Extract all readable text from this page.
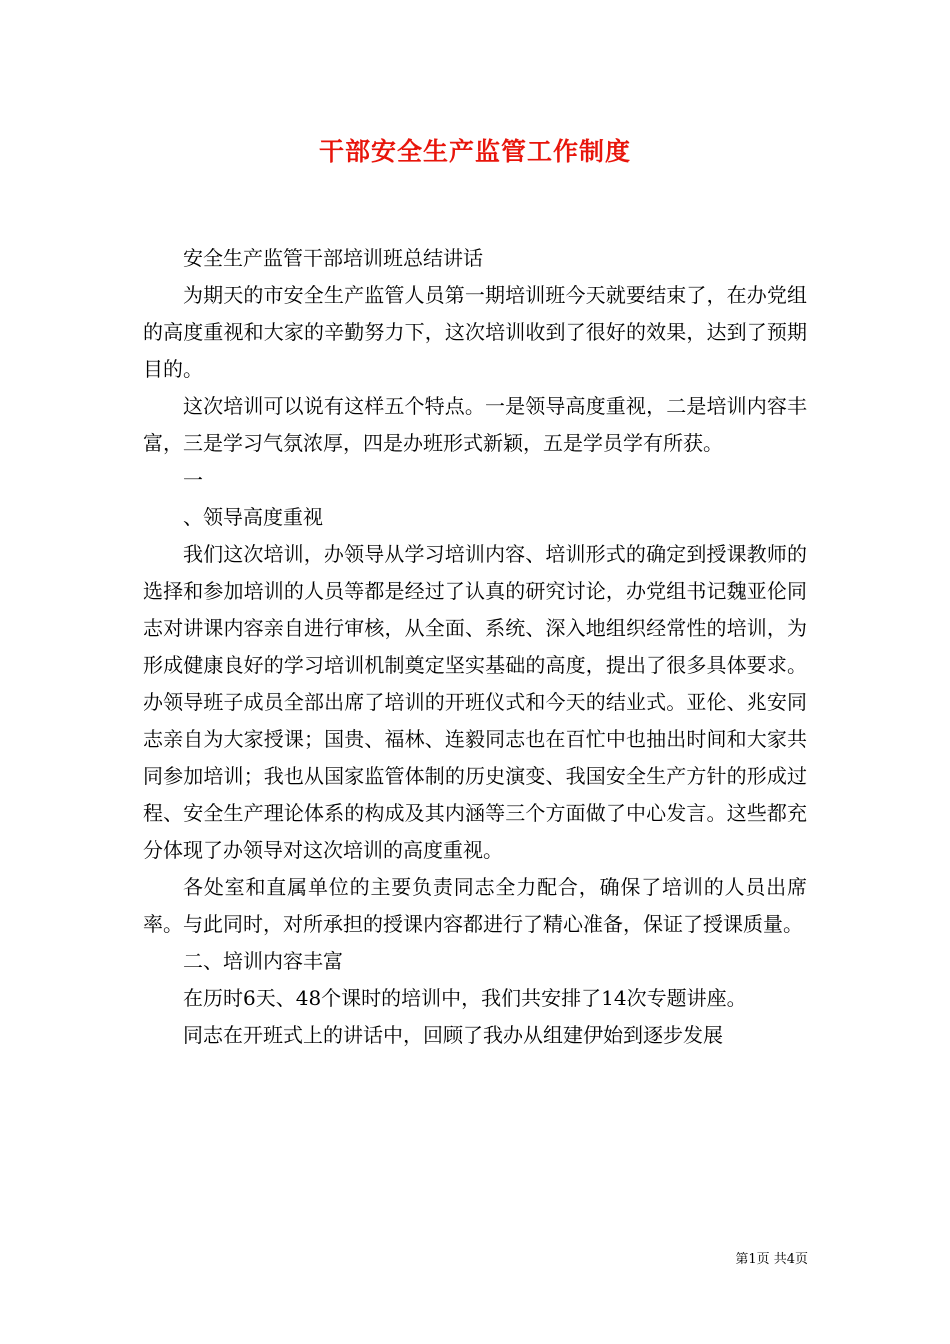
干部安全生产监管工作制度

安全生产监管干部培训班总结讲话

为期天的市安全生产监管人员第一期培训班今天就要结束了，在办党组的高度重视和大家的辛勤努力下，这次培训收到了很好的效果，达到了预期目的。

这次培训可以说有这样五个特点。一是领导高度重视，二是培训内容丰富，三是学习气氛浓厚，四是办班形式新颖，五是学员学有所获。

一

、领导高度重视

我们这次培训，办领导从学习培训内容、培训形式的确定到授课教师的选择和参加培训的人员等都是经过了认真的研究讨论，办党组书记魏亚伦同志对讲课内容亲自进行审核，从全面、系统、深入地组织经常性的培训，为形成健康良好的学习培训机制奠定坚实基础的高度，提出了很多具体要求。办领导班子成员全部出席了培训的开班仪式和今天的结业式。亚伦、兆安同志亲自为大家授课；国贵、福林、连毅同志也在百忙中也抽出时间和大家共同参加培训；我也从国家监管体制的历史演变、我国安全生产方针的形成过程、安全生产理论体系的构成及其内涵等三个方面做了中心发言。这些都充分体现了办领导对这次培训的高度重视。

各处室和直属单位的主要负责同志全力配合，确保了培训的人员出席率。与此同时，对所承担的授课内容都进行了精心准备，保证了授课质量。

二、培训内容丰富

在历时6天、48个课时的培训中，我们共安排了14次专题讲座。

同志在开班式上的讲话中，回顾了我办从组建伊始到逐步发展

第1页 共4页
